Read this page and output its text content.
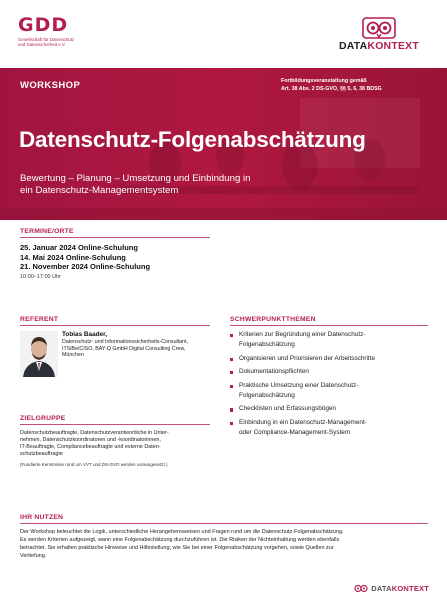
GDD
Gesellschaft für Datenschutz
und Datensicherheit e.V.	DATAKONTEXT
WORKSHOP	Fortbildungsveranstaltung gemäß
Art. 38 Abs. 2 DS-GVO, §§ 5, 6, 38 BDSG
Datenschutz-Folgenabschätzung
Bewertung – Planung – Umsetzung und Einbindung in
ein Datenschutz-Managementsystem
TERMINE/ORTE
25. Januar 2024 Online-Schulung
14. Mai 2024 Online-Schulung
21. November 2024 Online-Schulung
10:00–17:00 Uhr
REFERENT
Tobias Baader,
Datenschutz- und Informationssicherheits-Consultant,
ITSiBe/CISO, BAY-Q GmbH Digital Consulting Crew,
München
ZIELGRUPPE
Datenschutzbeauftragte, Datenschutzverantwortliche in Unter-
nehmen, Datenschutzkoordinatoren und -koordinatorinnen,
IT-Beauftragte, Compliancebeauftragte und externe Daten-
schutzbeauftragte
(Fundierte Kenntnisse rund um VVT und DS-GVO werden vorausgesetzt.)
SCHWERPUNKTTHEMEN
Kriterien zur Begründung einer Datenschutz-
Folgenabschätzung
Organisieren und Priorisieren der Arbeitsschritte
Dokumentationspflichten
Praktische Umsetzung einer Datenschutz-
Folgenabschätzung
Checklisten und Erfassungsbögen
Einbindung in ein Datenschutz-Management-
oder Compliance-Management-System
IHR NUTZEN
Der Workshop beleuchtet die Logik, unterschiedliche Herangehensweisen und Fragen rund um die Datenschutz-Folgenabschätzung.
Es werden Kriterien aufgezeigt, wann eine Folgenabschätzung durchzuführen ist. Die Risiken der Nichteinhaltung werden ebenfalls
betrachtet. Sie erhalten praktische Hinweise und Hilfestellung, wie Sie bei einer Folgenabschätzung vorgehen, sowie Quellen zur
Vertiefung.
DATAKONTEXT
